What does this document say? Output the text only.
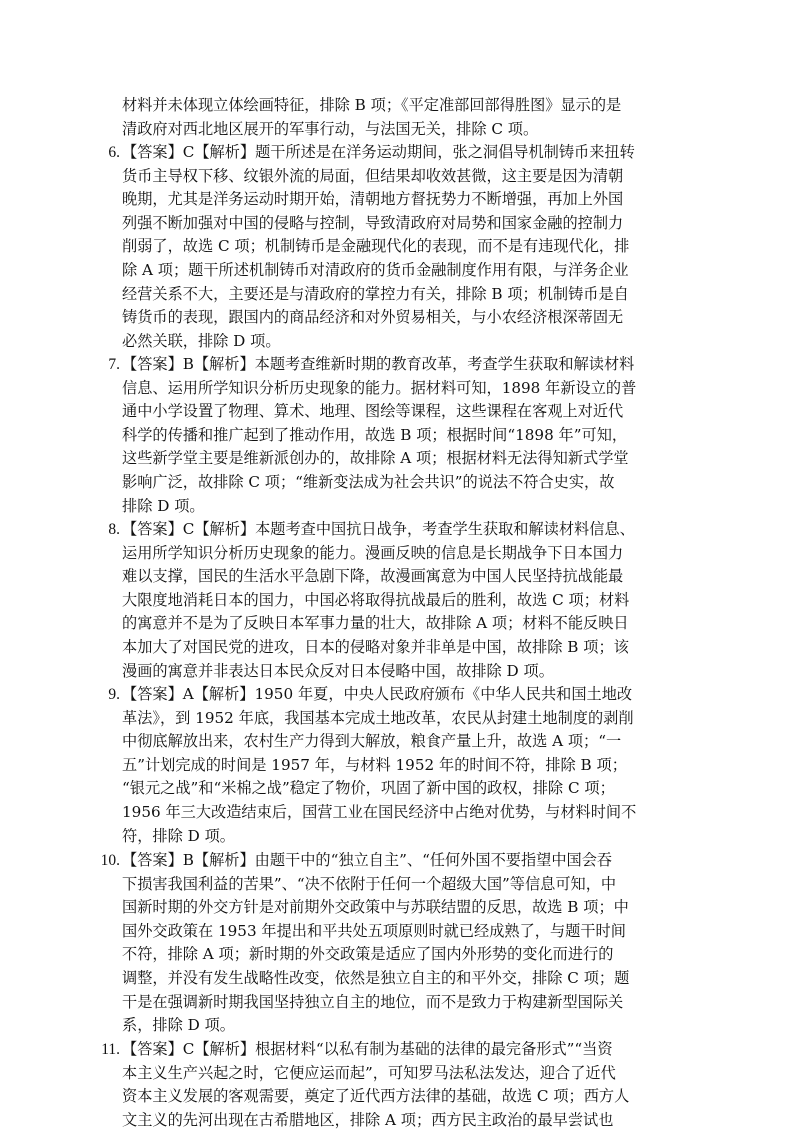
材料并未体现立体绘画特征，排除 B 项；《平定准部回部得胜图》显示的是
清政府对西北地区展开的军事行动，与法国无关，排除 C 项。
6. 【答案】C【解析】题干所述是在洋务运动期间，张之洞倡导机制铸币来扭转
货币主导权下移、纹银外流的局面，但结果却收效甚微，这主要是因为清朝
晚期，尤其是洋务运动时期开始，清朝地方督抚势力不断增强，再加上外国
列强不断加强对中国的侵略与控制，导致清政府对局势和国家金融的控制力
削弱了，故选 C 项；机制铸币是金融现代化的表现，而不是有违现代化，排
除 A 项；题干所述机制铸币对清政府的货币金融制度作用有限，与洋务企业
经营关系不大，主要还是与清政府的掌控力有关，排除 B 项；机制铸币是自
铸货币的表现，跟国内的商品经济和对外贸易相关，与小农经济根深蒂固无
必然关联，排除 D 项。
7. 【答案】B【解析】本题考查维新时期的教育改革，考查学生获取和解读材料
信息、运用所学知识分析历史现象的能力。据材料可知，1898 年新设立的普
通中小学设置了物理、算术、地理、图绘等课程，这些课程在客观上对近代
科学的传播和推广起到了推动作用，故选 B 项；根据时间“1898 年”可知，
这些新学堂主要是维新派创办的，故排除 A 项；根据材料无法得知新式学堂
影响广泛，故排除 C 项；“维新变法成为社会共识”的说法不符合史实，故
排除 D 项。
8. 【答案】C【解析】本题考查中国抗日战争，考查学生获取和解读材料信息、
运用所学知识分析历史现象的能力。漫画反映的信息是长期战争下日本国力
难以支撑，国民的生活水平急剧下降，故漫画寓意为中国人民坚持抗战能最
大限度地消耗日本的国力，中国必将取得抗战最后的胜利，故选 C 项；材料
的寓意并不是为了反映日本军事力量的壮大，故排除 A 项；材料不能反映日
本加大了对国民党的进攻，日本的侵略对象并非单是中国，故排除 B 项；该
漫画的寓意并非表达日本民众反对日本侵略中国，故排除 D 项。
9. 【答案】A【解析】1950 年夏，中央人民政府颁布《中华人民共和国土地改
革法》，到 1952 年底，我国基本完成土地改革，农民从封建土地制度的剥削
中彻底解放出来，农村生产力得到大解放，粮食产量上升，故选 A 项；“一
五”计划完成的时间是 1957 年，与材料 1952 年的时间不符，排除 B 项；
“银元之战”和“米棉之战”稳定了物价，巩固了新中国的政权，排除 C 项；
1956 年三大改造结束后，国营工业在国民经济中占绝对优势，与材料时间不
符，排除 D 项。
10. 【答案】B【解析】由题干中的“独立自主”、“任何外国不要指望中国会吞
下损害我国利益的苦果”、“决不依附于任何一个超级大国”等信息可知，中
国新时期的外交方针是对前期外交政策中与苏联结盟的反思，故选 B 项；中
国外交政策在 1953 年提出和平共处五项原则时就已经成熟了，与题干时间
不符，排除 A 项；新时期的外交政策是适应了国内外形势的变化而进行的
调整，并没有发生战略性改变，依然是独立自主的和平外交，排除 C 项；题
干是在强调新时期我国坚持独立自主的地位，而不是致力于构建新型国际关
系，排除 D 项。
11. 【答案】C【解析】根据材料“以私有制为基础的法律的最完备形式”“当资
本主义生产兴起之时，它便应运而起”，可知罗马法私法发达，迎合了近代
资本主义发展的客观需要，奠定了近代西方法律的基础，故选 C 项；西方人
文主义的先河出现在古希腊地区，排除 A 项；西方民主政治的最早尝试也
